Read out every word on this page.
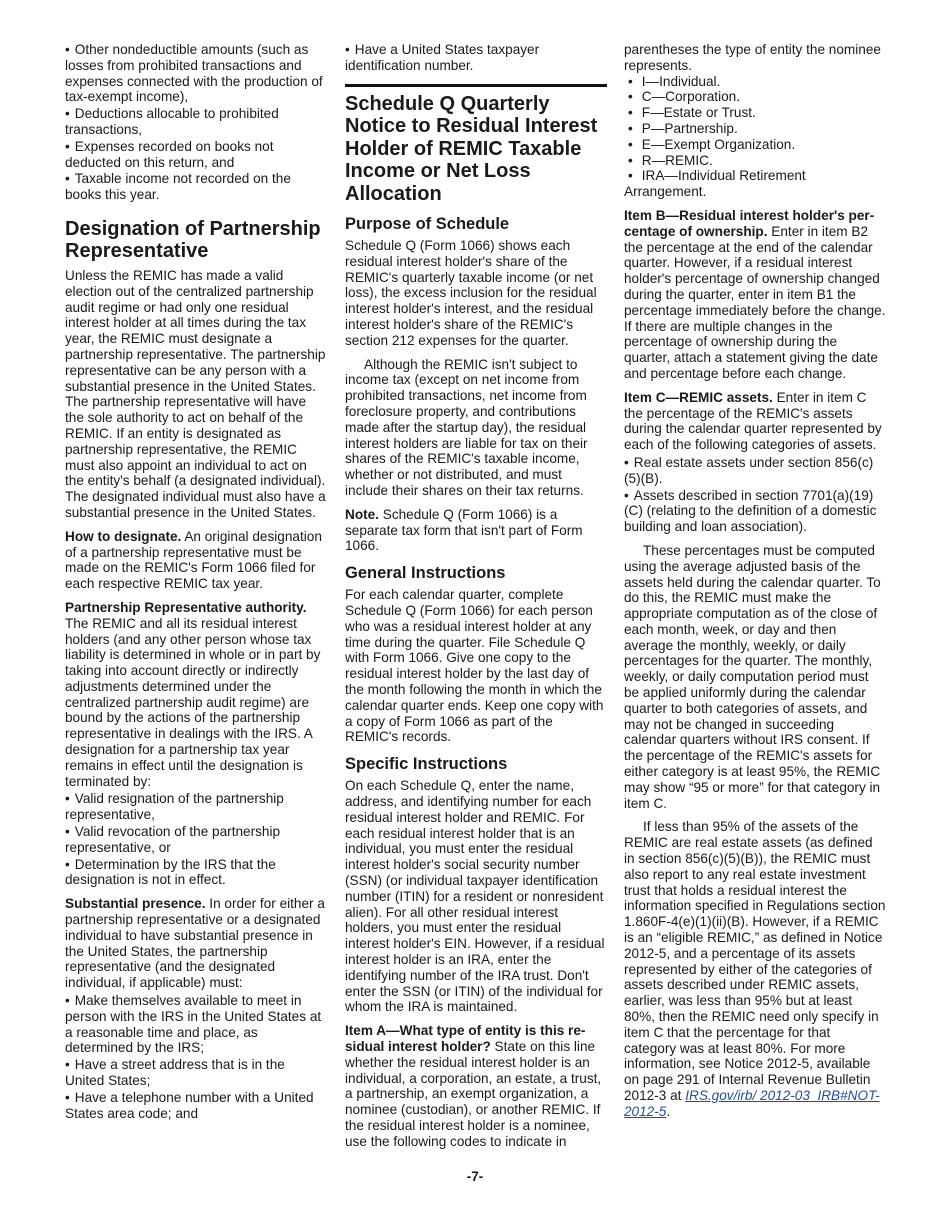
• Other nondeductible amounts (such as losses from prohibited transactions and expenses connected with the production of tax-exempt income),
• Deductions allocable to prohibited transactions,
• Expenses recorded on books not deducted on this return, and
• Taxable income not recorded on the books this year.
Designation of Partnership Representative

Unless the REMIC has made a valid election out of the centralized partnership audit regime or had only one residual interest holder at all times during the tax year, the REMIC must designate a partnership representative. The partnership representative can be any person with a substantial presence in the United States. The partnership representative will have the sole authority to act on behalf of the REMIC. If an entity is designated as partnership representative, the REMIC must also appoint an individual to act on the entity's behalf (a designated individual). The designated individual must also have a substantial presence in the United States.

How to designate. An original designation of a partnership representative must be made on the REMIC's Form 1066 filed for each respective REMIC tax year.

Partnership Representative authority. The REMIC and all its residual interest holders (and any other person whose tax liability is determined in whole or in part by taking into account directly or indirectly adjustments determined under the centralized partnership audit regime) are bound by the actions of the partnership representative in dealings with the IRS. A designation for a partnership tax year remains in effect until the designation is terminated by:

• Valid resignation of the partnership representative,
• Valid revocation of the partnership representative, or
• Determination by the IRS that the designation is not in effect.

Substantial presence. In order for either a partnership representative or a designated individual to have substantial presence in the United States, the partnership representative (and the designated individual, if applicable) must:

• Make themselves available to meet in person with the IRS in the United States at a reasonable time and place, as determined by the IRS;
• Have a street address that is in the United States;
• Have a telephone number with a United States area code; and
• Have a United States taxpayer identification number.
Schedule Q Quarterly Notice to Residual Interest Holder of REMIC Taxable Income or Net Loss Allocation
Purpose of Schedule

Schedule Q (Form 1066) shows each residual interest holder's share of the REMIC's quarterly taxable income (or net loss), the excess inclusion for the residual interest holder's interest, and the residual interest holder's share of the REMIC's section 212 expenses for the quarter.

Although the REMIC isn't subject to income tax (except on net income from prohibited transactions, net income from foreclosure property, and contributions made after the startup day), the residual interest holders are liable for tax on their shares of the REMIC's taxable income, whether or not distributed, and must include their shares on their tax returns.

Note. Schedule Q (Form 1066) is a separate tax form that isn't part of Form 1066.

General Instructions

For each calendar quarter, complete Schedule Q (Form 1066) for each person who was a residual interest holder at any time during the quarter. File Schedule Q with Form 1066. Give one copy to the residual interest holder by the last day of the month following the month in which the calendar quarter ends. Keep one copy with a copy of Form 1066 as part of the REMIC's records.

Specific Instructions

On each Schedule Q, enter the name, address, and identifying number for each residual interest holder and REMIC. For each residual interest holder that is an individual, you must enter the residual interest holder's social security number (SSN) (or individual taxpayer identification number (ITIN) for a resident or nonresident alien). For all other residual interest holders, you must enter the residual interest holder's EIN. However, if a residual interest holder is an IRA, enter the identifying number of the IRA trust. Don't enter the SSN (or ITIN) of the individual for whom the IRA is maintained.

Item A—What type of entity is this re-sidual interest holder? State on this line whether the residual interest holder is an individual, a corporation, an estate, a trust, a partnership, an exempt organization, a nominee (custodian), or another REMIC. If the residual interest holder is a nominee, use the following codes to indicate in

parentheses the type of entity the nominee represents.

• I—Individual.
• C—Corporation.
• F—Estate or Trust.
• P—Partnership.
• E—Exempt Organization.
• R—REMIC.
• IRA—Individual Retirement Arrangement.

Item B—Residual interest holder's per-centage of ownership. Enter in item B2 the percentage at the end of the calendar quarter. However, if a residual interest holder's percentage of ownership changed during the quarter, enter in item B1 the percentage immediately before the change. If there are multiple changes in the percentage of ownership during the quarter, attach a statement giving the date and percentage before each change.

Item C—REMIC assets. Enter in item C the percentage of the REMIC's assets during the calendar quarter represented by each of the following categories of assets.

• Real estate assets under section 856(c)(5)(B).
• Assets described in section 7701(a)(19)(C) (relating to the definition of a domestic building and loan association).

These percentages must be computed using the average adjusted basis of the assets held during the calendar quarter. To do this, the REMIC must make the appropriate computation as of the close of each month, week, or day and then average the monthly, weekly, or daily percentages for the quarter. The monthly, weekly, or daily computation period must be applied uniformly during the calendar quarter to both categories of assets, and may not be changed in succeeding calendar quarters without IRS consent. If the percentage of the REMIC's assets for either category is at least 95%, the REMIC may show “95 or more” for that category in item C.

If less than 95% of the assets of the REMIC are real estate assets (as defined in section 856(c)(5)(B)), the REMIC must also report to any real estate investment trust that holds a residual interest the information specified in Regulations section 1.860F-4(e)(1)(ii)(B). However, if a REMIC is an “eligible REMIC,” as defined in Notice 2012-5, and a percentage of its assets represented by either of the categories of assets described under REMIC assets, earlier, was less than 95% but at least 80%, then the REMIC need only specify in item C that the percentage for that category was at least 80%. For more information, see Notice 2012-5, available on page 291 of Internal Revenue Bulletin 2012-3 at IRS.gov/irb/ 2012-03_IRB#NOT-2012-5.

-7-
